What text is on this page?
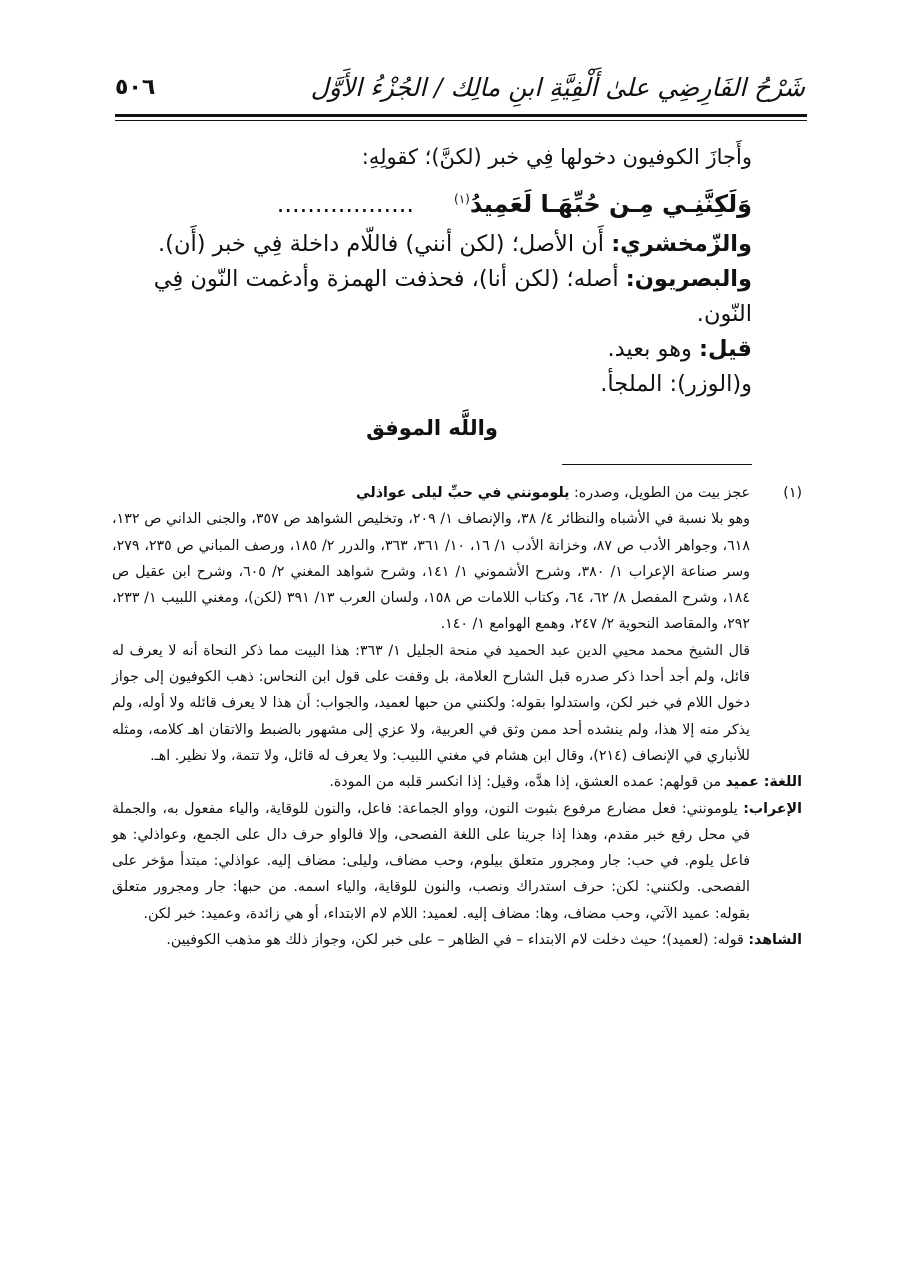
شَرْحُ الفَارِضِي علىٰ أَلْفِيَّةِ ابنِ مالِك / الجُزْءُ الأَوَّل
٥٠٦

وأَجازَ الكوفيون دخولها فِي خبر (لكنَّ)؛ كقولِهِ:

وَلَكِنَّنِـي مِـن حُبِّهَـا لَعَمِيدُ$^{(١)}$..................

والزّمخشري: أَن الأصل؛ (لكن أنني) فاللّام داخلة فِي خبر (أَن).

والبصريون: أصله؛ (لكن أنا)، فحذفت الهمزة وأدغمت النّون فِي النّون.

قيل: وهو بعيد.

و(الوزر): الملجأ.

واللَّه الموفق

(١)
عجز بيت من الطويل، وصدره: يلومونني في حبِّ ليلى عواذلي

وهو بلا نسبة في الأشباه والنظائر ٤/ ٣٨، والإنصاف ١/ ٢٠٩، وتخليص الشواهد ص ٣٥٧، والجنى الداني ص ١٣٢، ٦١٨، وجواهر الأدب ص ٨٧، وخزانة الأدب ١/ ١٦، ١٠/ ٣٦١، ٣٦٣، والدرر ٢/ ١٨٥، ورصف المباني ص ٢٣٥، ٢٧٩، وسر صناعة الإعراب ١/ ٣٨٠، وشرح الأشموني ١/ ١٤١، وشرح شواهد المغني ٢/ ٦٠٥، وشرح ابن عقيل ص ١٨٤، وشرح المفصل ٨/ ٦٢، ٦٤، وكتاب اللامات ص ١٥٨، ولسان العرب ١٣/ ٣٩١ (لكن)، ومغني اللبيب ١/ ٢٣٣، ٢٩٢، والمقاصد النحوية ٢/ ٢٤٧، وهمع الهوامع ١/ ١٤٠.

قال الشيخ محمد محيي الدين عبد الحميد في منحة الجليل ١/ ٣٦٣: هذا البيت مما ذكر النحاة أنه لا يعرف له قائل، ولم أجد أحدا ذكر صدره قبل الشارح العلامة، بل وقفت على قول ابن النحاس: ذهب الكوفيون إلى جواز دخول اللام في خبر لكن، واستدلوا بقوله: ولكنني من حبها لعميد، والجواب: أن هذا لا يعرف قائله ولا أوله، ولم يذكر منه إلا هذا، ولم ينشده أحد ممن وثق في العربية، ولا عزي إلى مشهور بالضبط والاتقان اهـ كلامه، ومثله للأنباري في الإنصاف (٢١٤)، وقال ابن هشام في مغني اللبيب: ولا يعرف له قائل، ولا تتمة، ولا نظير. اهـ.

اللغة: عميد من قولهم: عمده العشق، إذا هدَّه، وقيل: إذا انكسر قلبه من المودة.

الإعراب: يلومونني: فعل مضارع مرفوع بثبوت النون، وواو الجماعة: فاعل، والنون للوقاية، والياء مفعول به، والجملة في محل رفع خبر مقدم، وهذا إذا جرينا على اللغة الفصحى، وإلا فالواو حرف دال على الجمع، وعواذلي: هو فاعل يلوم. في حب: جار ومجرور متعلق بيلوم، وحب مضاف، وليلى: مضاف إليه. عواذلي: مبتدأ مؤخر على الفصحى. ولكنني: لكن: حرف استدراك ونصب، والنون للوقاية، والياء اسمه. من حبها: جار ومجرور متعلق بقوله: عميد الآتي، وحب مضاف، وها: مضاف إليه. لعميد: اللام لام الابتداء، أو هي زائدة، وعميد: خبر لكن.

الشاهد: قوله: (لعميد)؛ حيث دخلت لام الابتداء – في الظاهر – على خبر لكن، وجواز ذلك هو مذهب الكوفيين.
